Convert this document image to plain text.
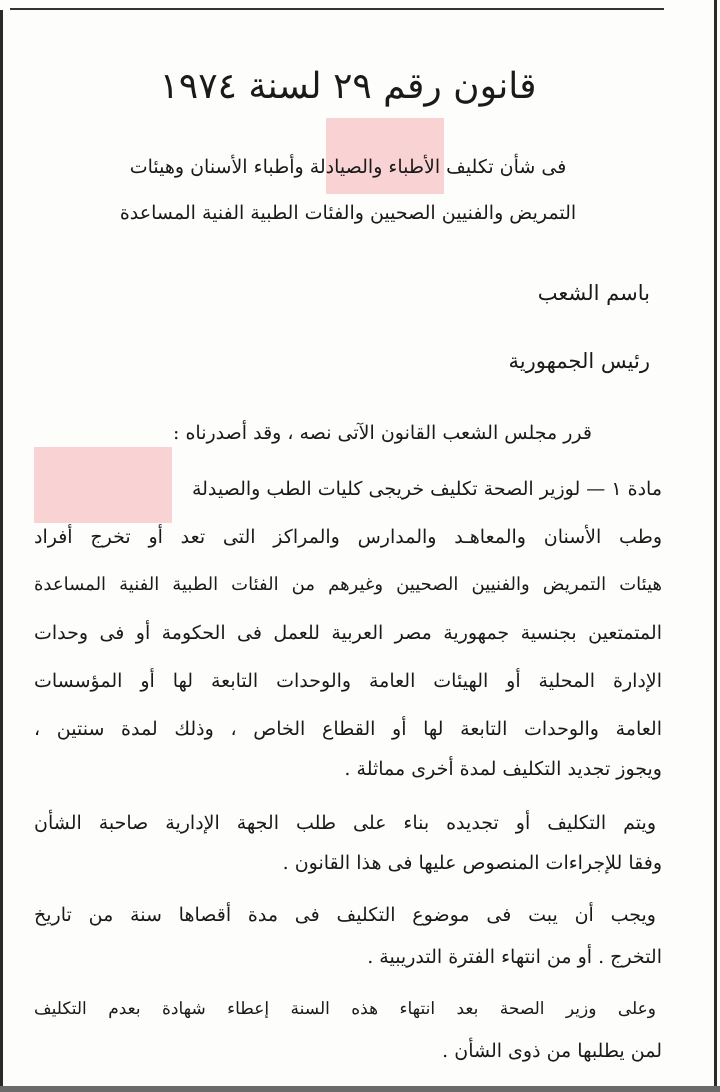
قانون رقم ٢٩ لسنة ١٩٧٤
فى شأن تكليف الأطباء والصيادلة وأطباء الأسنان وهيئات
التمريض والفنيين الصحيين والفئات الطبية الفنية المساعدة
باسم الشعب
رئيس الجمهورية
قرر مجلس الشعب القانون الآتى نصه ، وقد أصدرناه :
مادة ١ — لوزير الصحة تكليف خريجى كليات الطب والصيدلة
وطب الأسنان والمعاهـد والمدارس والمراكز التى تعد أو تخرج أفراد
هيئات التمريض والفنيين الصحيين وغيرهم من الفئات الطبية الفنية المساعدة
المتمتعين بجنسية جمهورية مصر العربية للعمل فى الحكومة أو فى وحدات
الإدارة المحلية أو الهيئات العامة والوحدات التابعة لها أو المؤسسات
العامة والوحدات التابعة لها أو القطاع الخاص ، وذلك لمدة سنتين ،
ويجوز تجديد التكليف لمدة أخرى مماثلة .
ويتم التكليف أو تجديده بناء على طلب الجهة الإدارية صاحبة الشأن
وفقا للإجراءات المنصوص عليها فى هذا القانون .
ويجب أن يبت فى موضوع التكليف فى مدة أقصاها سنة من تاريخ
التخرج . أو من انتهاء الفترة التدريبية .
وعلى وزير الصحة بعد انتهاء هذه السنة إعطاء شهادة بعدم التكليف
لمن يطلبها من ذوى الشأن .
